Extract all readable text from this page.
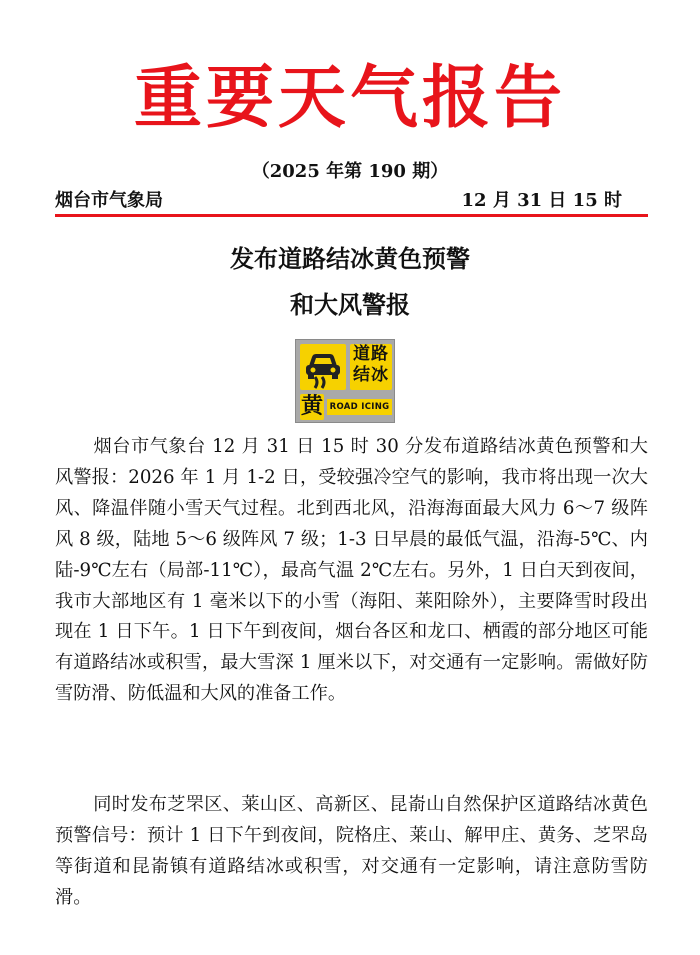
重要天气报告
（2025 年第 190 期）
烟台市气象局	12 月 31 日 15 时
发布道路结冰黄色预警
和大风警报
道路结冰
黄 ROAD ICING

烟台市气象台 12 月 31 日 15 时 30 分发布道路结冰黄色预警和大风警报：2026 年 1 月 1-2 日，受较强冷空气的影响，我市将出现一次大风、降温伴随小雪天气过程。北到西北风，沿海海面最大风力 6～7 级阵风 8 级，陆地 5～6 级阵风 7 级；1-3 日早晨的最低气温，沿海-5℃、内陆-9℃左右（局部-11℃），最高气温 2℃左右。另外，1 日白天到夜间，我市大部地区有 1 毫米以下的小雪（海阳、莱阳除外），主要降雪时段出现在 1 日下午。1 日下午到夜间，烟台各区和龙口、栖霞的部分地区可能有道路结冰或积雪，最大雪深 1 厘米以下，对交通有一定影响。需做好防雪防滑、防低温和大风的准备工作。

同时发布芝罘区、莱山区、高新区、昆嵛山自然保护区道路结冰黄色预警信号：预计 1 日下午到夜间，院格庄、莱山、解甲庄、黄务、芝罘岛等街道和昆嵛镇有道路结冰或积雪，对交通有一定影响，请注意防雪防滑。
